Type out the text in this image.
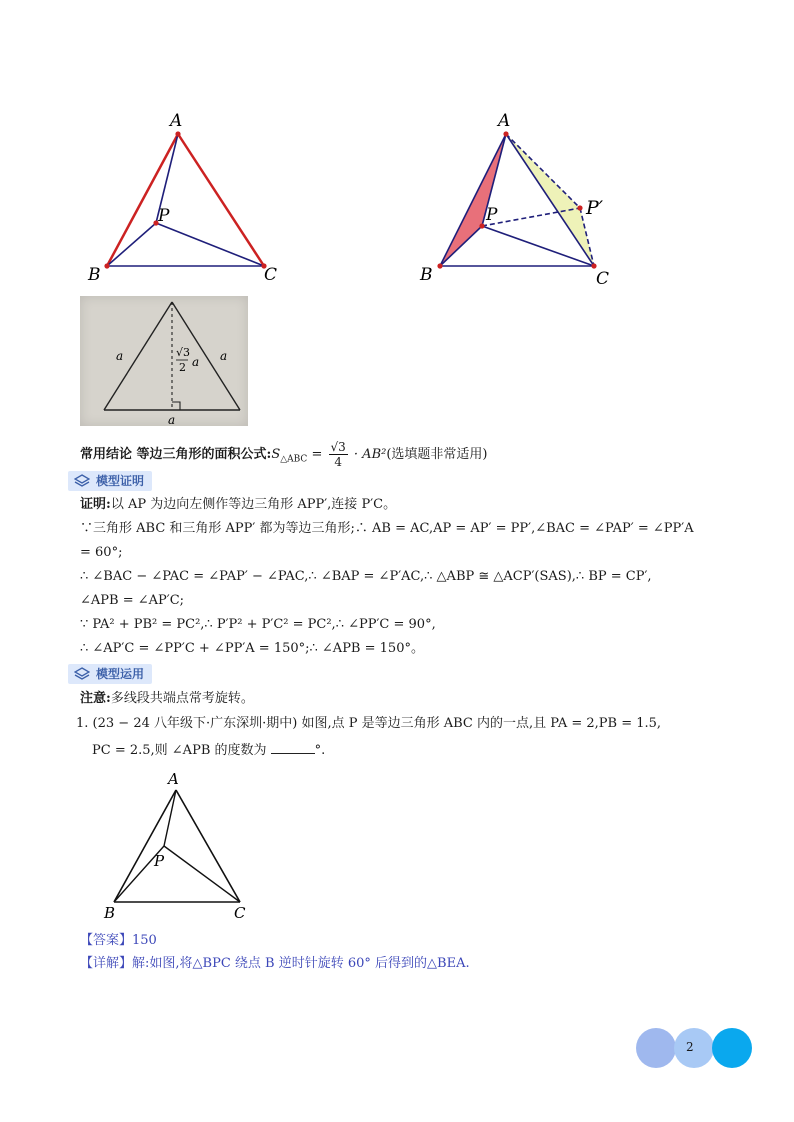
A
B	C
P
A
B	C
P	P′
a	a
a
√3
2 a
常用结论 等边三角形的面积公式$:S_{\triangle ABC} = \frac{√3}{4} \cdot AB^2$(选填题非常适用)
模型证明
证明:以 AP 为边向左侧作等边三角形 APP′,连接 P′C。
∵三角形 ABC 和三角形 APP′ 都为等边三角形;∴ AB = AC,AP = AP′ = PP′,∠BAC = ∠PAP′ = ∠PP′A
= 60°;
∴ ∠BAC − ∠PAC = ∠PAP′ − ∠PAC,∴ ∠BAP = ∠P′AC,∴ △ABP ≅ △ACP′(SAS),∴ BP = CP′,
∠APB = ∠AP′C;
∵ PA² + PB² = PC²,∴ P′P² + P′C² = PC²,∴ ∠PP′C = 90°,
∴ ∠AP′C = ∠PP′C + ∠PP′A = 150°;∴ ∠APB = 150°。
模型运用
注意:多线段共端点常考旋转。
1. (23 − 24 八年级下·广东深圳·期中) 如图,点 P 是等边三角形 ABC 内的一点,且 PA = 2,PB = 1.5,
PC = 2.5,则 ∠APB 的度数为	°.
A
B	C
P
【答案】150
【详解】解:如图,将△BPC 绕点 B 逆时针旋转 60° 后得到的△BEA.
2
